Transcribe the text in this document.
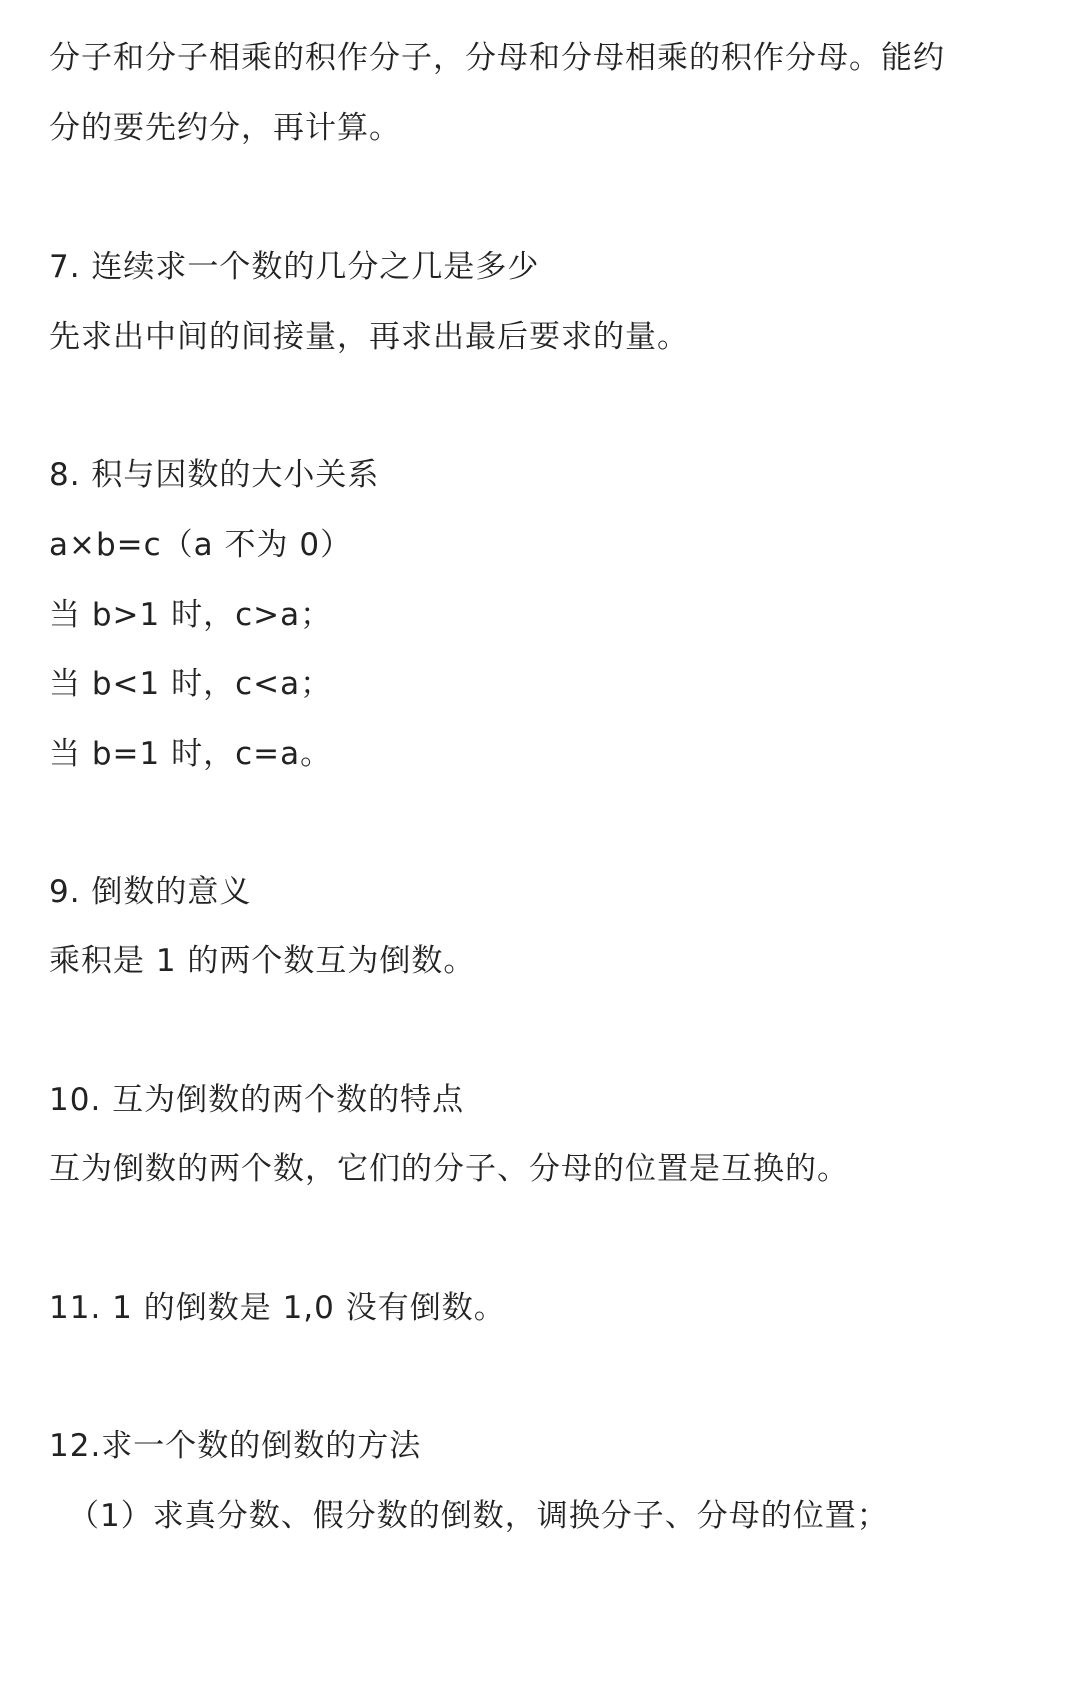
分子和分子相乘的积作分子，分母和分母相乘的积作分母。能约
分的要先约分，再计算。
7. 连续求一个数的几分之几是多少
先求出中间的间接量，再求出最后要求的量。
8. 积与因数的大小关系
a×b=c（a 不为 0）
当 b>1 时，c>a；
当 b<1 时，c<a；
当 b=1 时，c=a。
9. 倒数的意义
乘积是 1 的两个数互为倒数。
10. 互为倒数的两个数的特点
互为倒数的两个数，它们的分子、分母的位置是互换的。
11. 1 的倒数是 1,0 没有倒数。
12.求一个数的倒数的方法
（1）求真分数、假分数的倒数，调换分子、分母的位置；
